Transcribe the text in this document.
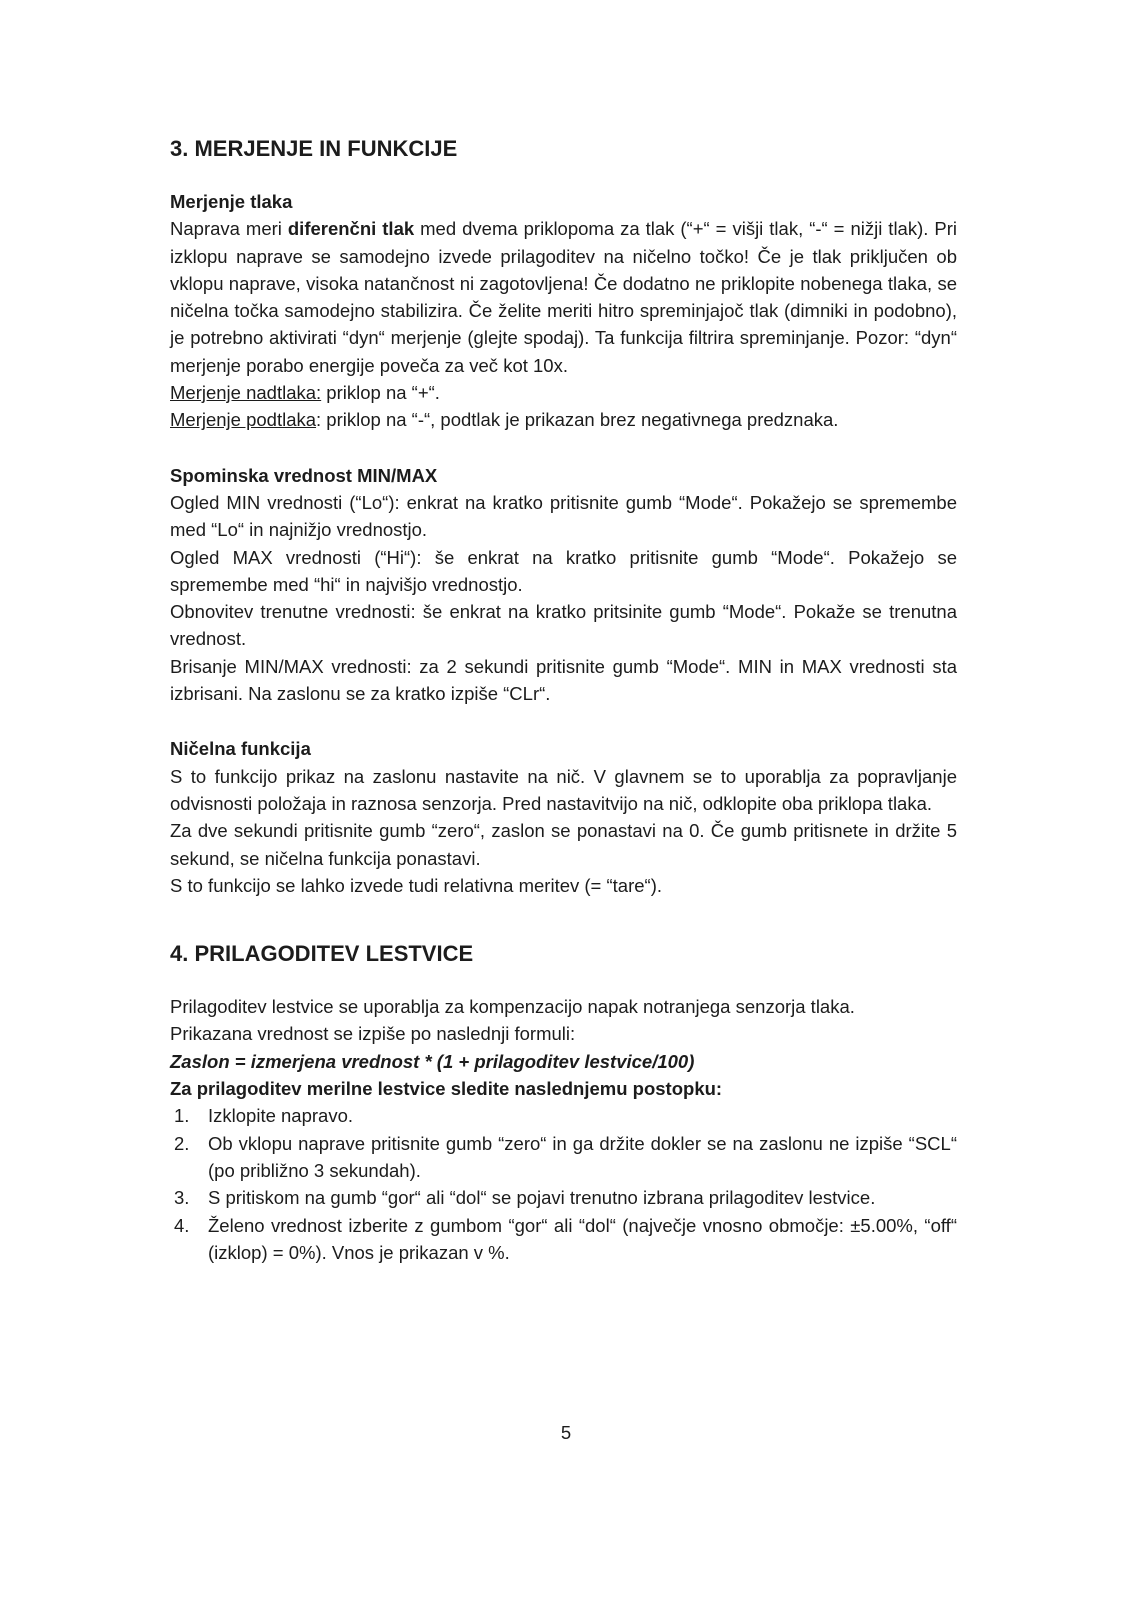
3. MERJENJE IN FUNKCIJE
Merjenje tlaka

Naprava meri diferenčni tlak med dvema priklopoma za tlak (“+“ = višji tlak, “-“ = nižji tlak). Pri izklopu naprave se samodejno izvede prilagoditev na ničelno točko! Če je tlak priključen ob vklopu naprave, visoka natančnost ni zagotovljena! Če dodatno ne priklopite nobenega tlaka, se ničelna točka samodejno stabilizira. Če želite meriti hitro spreminjajoč tlak (dimniki in podobno), je potrebno aktivirati “dyn“ merjenje (glejte spodaj). Ta funkcija filtrira spreminjanje. Pozor: “dyn“ merjenje porabo energije poveča za več kot 10x.

Merjenje nadtlaka: priklop na “+“.

Merjenje podtlaka: priklop na “-“, podtlak je prikazan brez negativnega predznaka.

Spominska vrednost MIN/MAX

Ogled MIN vrednosti (“Lo“): enkrat na kratko pritisnite gumb “Mode“. Pokažejo se spremembe med “Lo“ in najnižjo vrednostjo.

Ogled MAX vrednosti (“Hi“): še enkrat na kratko pritisnite gumb “Mode“. Pokažejo se spremembe med “hi“ in najvišjo vrednostjo.

Obnovitev trenutne vrednosti: še enkrat na kratko pritsinite gumb “Mode“. Pokaže se trenutna vrednost.

Brisanje MIN/MAX vrednosti: za 2 sekundi pritisnite gumb “Mode“. MIN in MAX vrednosti sta izbrisani. Na zaslonu se za kratko izpiše “CLr“.

Ničelna funkcija

S to funkcijo prikaz na zaslonu nastavite na nič. V glavnem se to uporablja za popravljanje odvisnosti položaja in raznosa senzorja. Pred nastavitvijo na nič, odklopite oba priklopa tlaka.

Za dve sekundi pritisnite gumb “zero“, zaslon se ponastavi na 0. Če gumb pritisnete in držite 5 sekund, se ničelna funkcija ponastavi.

S to funkcijo se lahko izvede tudi relativna meritev (= “tare“).

4. PRILAGODITEV LESTVICE

Prilagoditev lestvice se uporablja za kompenzacijo napak notranjega senzorja tlaka.

Prikazana vrednost se izpiše po naslednji formuli:

Zaslon = izmerjena vrednost * (1 + prilagoditev lestvice/100)

Za prilagoditev merilne lestvice sledite naslednjemu postopku:
1.	Izklopite napravo.
2.	Ob vklopu naprave pritisnite gumb “zero“ in ga držite dokler se na zaslonu ne izpiše “SCL“ (po približno 3 sekundah).
3.	S pritiskom na gumb “gor“ ali “dol“ se pojavi trenutno izbrana prilagoditev lestvice.
4.	Želeno vrednost izberite z gumbom “gor“ ali “dol“ (največje vnosno območje: ±5.00%, “off“ (izklop) = 0%). Vnos je prikazan v %.
5
